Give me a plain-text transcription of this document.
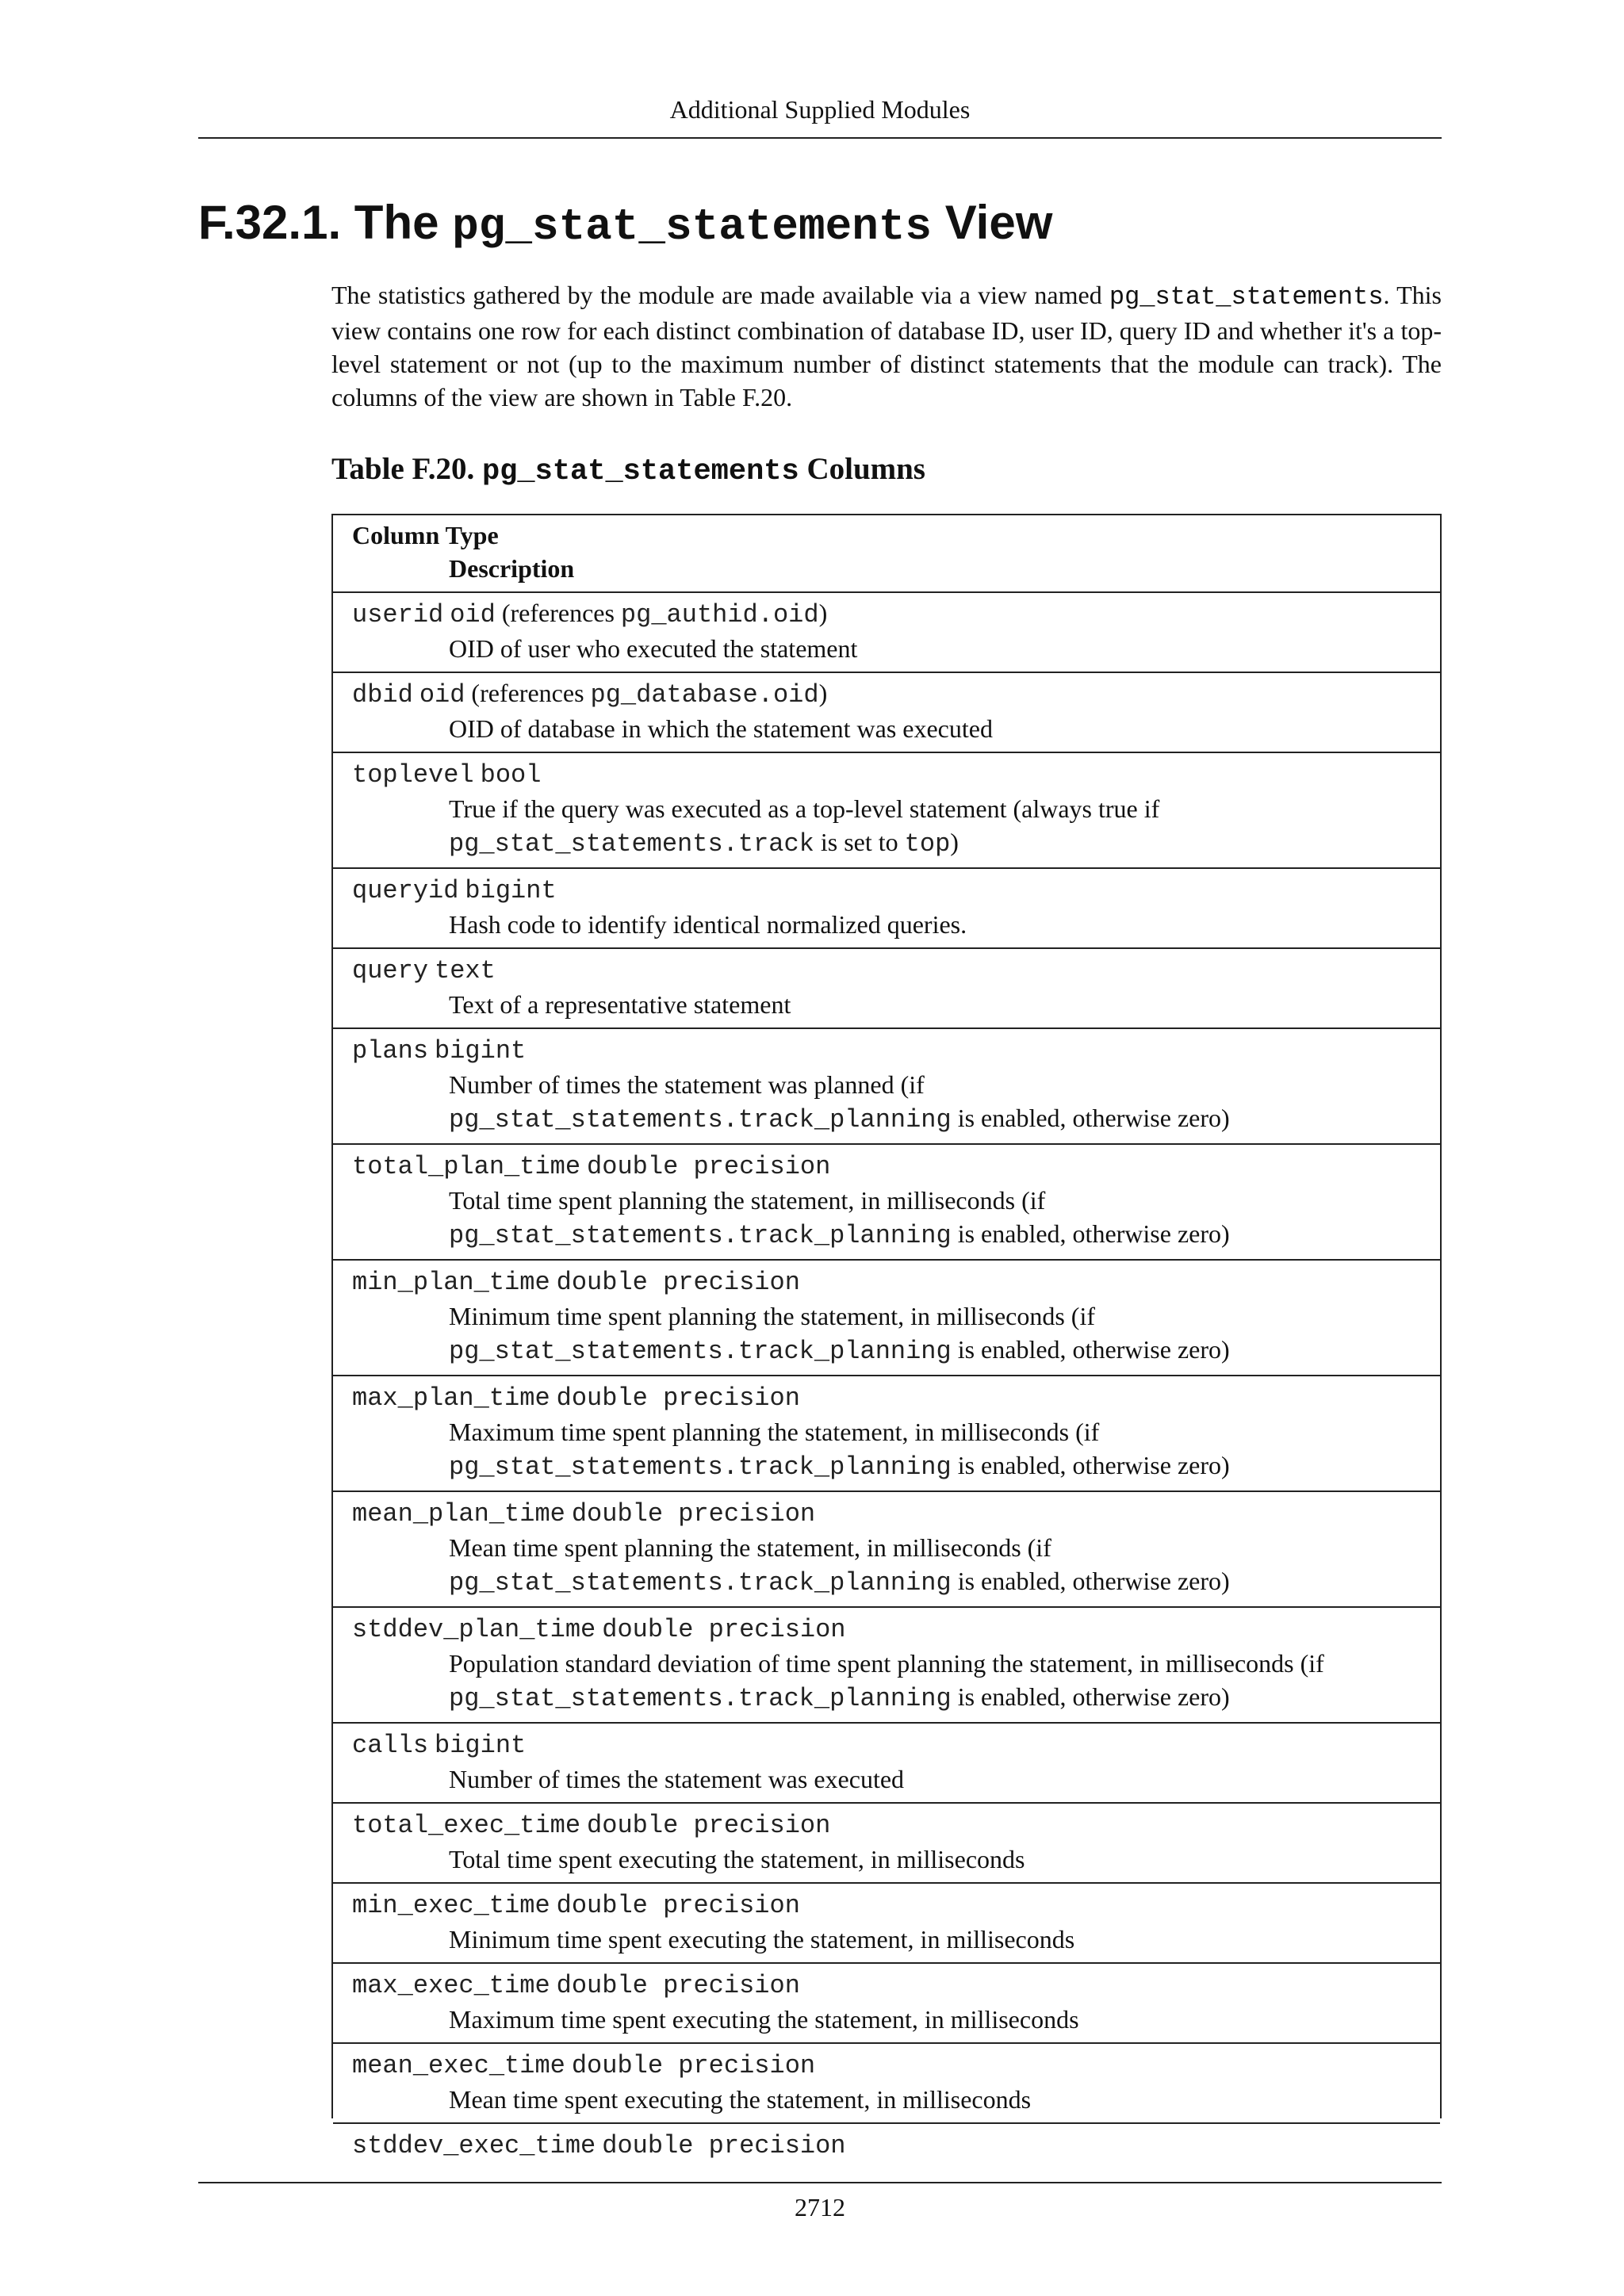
Additional Supplied Modules
F.32.1. The pg_stat_statements View

The statistics gathered by the module are made available via a view named pg_stat_statements. This view contains one row for each distinct combination of database ID, user ID, query ID and whether it's a top-level statement or not (up to the maximum number of distinct statements that the module can track). The columns of the view are shown in Table F.20.

Table F.20. pg_stat_statements Columns
Column Type
Description
userid oid (references pg_authid.oid)
OID of user who executed the statement
dbid oid (references pg_database.oid)
OID of database in which the statement was executed
toplevel bool
True if the query was executed as a top-level statement (always true if pg_stat_statements.track is set to top)
queryid bigint
Hash code to identify identical normalized queries.
query text
Text of a representative statement
plans bigint
Number of times the statement was planned (if pg_stat_statements.track_planning is enabled, otherwise zero)
total_plan_time double precision
Total time spent planning the statement, in milliseconds (if pg_stat_statements.track_planning is enabled, otherwise zero)
min_plan_time double precision
Minimum time spent planning the statement, in milliseconds (if pg_stat_statements.track_planning is enabled, otherwise zero)
max_plan_time double precision
Maximum time spent planning the statement, in milliseconds (if pg_stat_statements.track_planning is enabled, otherwise zero)
mean_plan_time double precision
Mean time spent planning the statement, in milliseconds (if pg_stat_statements.track_planning is enabled, otherwise zero)
stddev_plan_time double precision
Population standard deviation of time spent planning the statement, in milliseconds (if pg_stat_statements.track_planning is enabled, otherwise zero)
calls bigint
Number of times the statement was executed
total_exec_time double precision
Total time spent executing the statement, in milliseconds
min_exec_time double precision
Minimum time spent executing the statement, in milliseconds
max_exec_time double precision
Maximum time spent executing the statement, in milliseconds
mean_exec_time double precision
Mean time spent executing the statement, in milliseconds
stddev_exec_time double precision
2712
